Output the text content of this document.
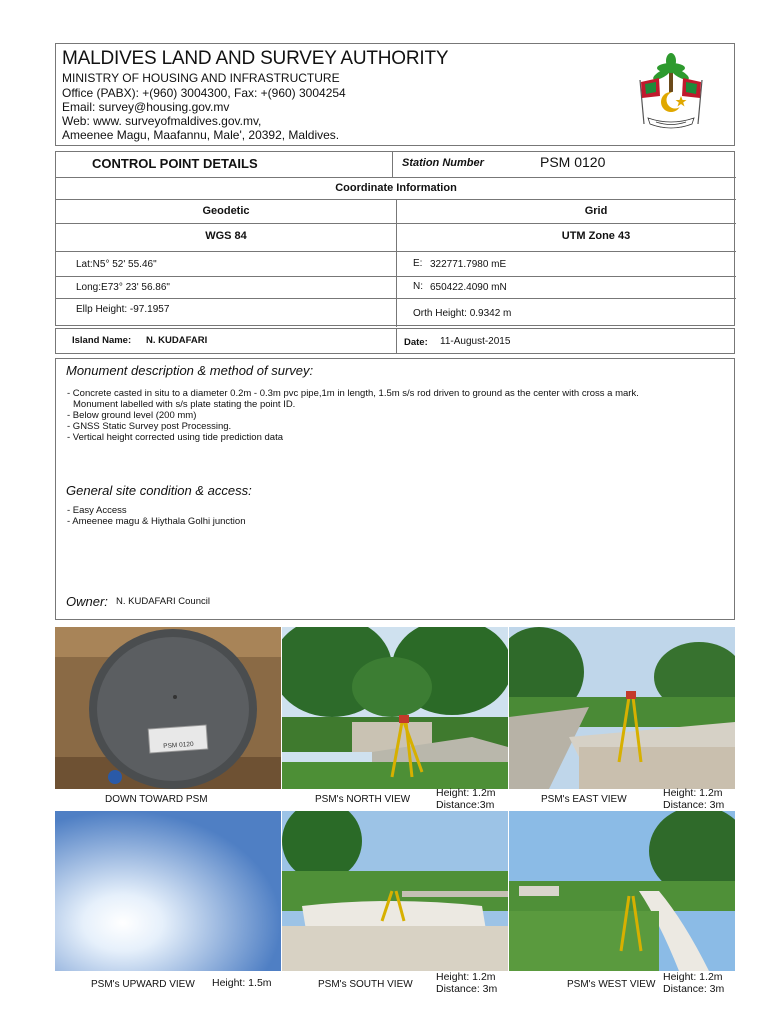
MALDIVES LAND AND SURVEY AUTHORITY
MINISTRY OF HOUSING AND INFRASTRUCTURE
Office (PABX): +(960) 3004300, Fax: +(960) 3004254
Email: survey@housing.gov.mv
Web: www. surveyofmaldives.gov.mv,
Ameenee Magu, Maafannu, Male', 20392, Maldives.
CONTROL POINT DETAILS	Station Number	PSM 0120
Coordinate Information
Geodetic	Grid
WGS 84	UTM Zone 43
Lat:N5° 52' 55.46"	E: 322771.7980 mE
Long:E73° 23' 56.86"	N: 650422.4090 mN
Ellp Height: -97.1957	Orth Height: 0.9342 m
Island Name: N. KUDAFARI	Date: 11-August-2015
Monument description & method of survey:
- Concrete casted in situ to a diameter 0.2m - 0.3m pvc pipe,1m in length, 1.5m s/s rod driven to ground as the center with cross a mark.
Monument labelled with s/s plate stating the point ID.
- Below ground level (200 mm)
- GNSS Static Survey post Processing.
- Vertical height corrected using tide prediction data
General site condition & access:
- Easy Access
- Ameenee magu & Hiythala Golhi junction
Owner: N. KUDAFARI Council
PSM 0120
DOWN TOWARD PSM	PSM's NORTH VIEW
Height: 1.2m
Distance:3m	PSM's EAST VIEW
Height: 1.2m
Distance: 3m
PSM's UPWARD VIEW Height: 1.5m	PSM's SOUTH VIEW
Height: 1.2m
Distance: 3m	PSM's WEST VIEW
Height: 1.2m
Distance: 3m
